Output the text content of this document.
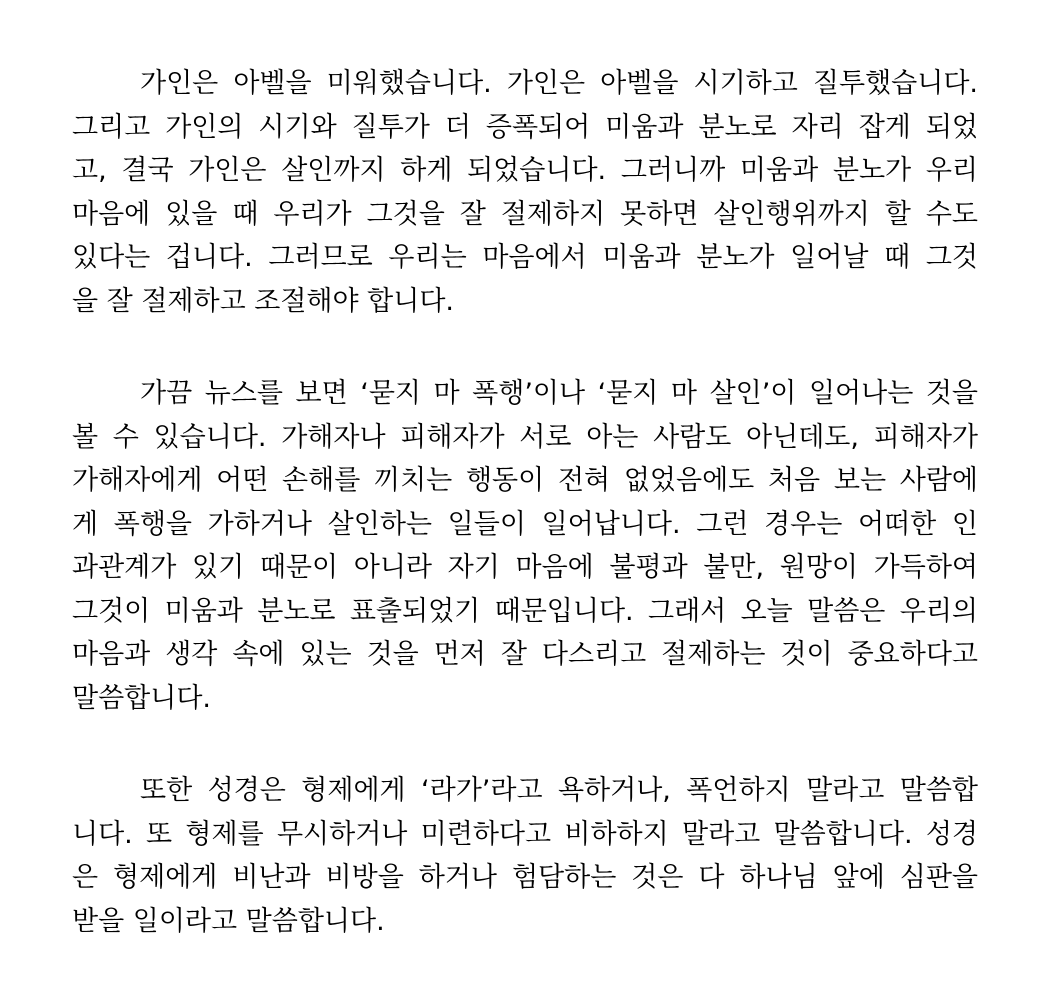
가인은 아벨을 미워했습니다. 가인은 아벨을 시기하고 질투했습니다.
그리고 가인의 시기와 질투가 더 증폭되어 미움과 분노로 자리 잡게 되었
고, 결국 가인은 살인까지 하게 되었습니다. 그러니까 미움과 분노가 우리
마음에 있을 때 우리가 그것을 잘 절제하지 못하면 살인행위까지 할 수도
있다는 겁니다. 그러므로 우리는 마음에서 미움과 분노가 일어날 때 그것
을 잘 절제하고 조절해야 합니다.

가끔 뉴스를 보면 ‘묻지 마 폭행’이나 ‘묻지 마 살인’이 일어나는 것을
볼 수 있습니다. 가해자나 피해자가 서로 아는 사람도 아닌데도, 피해자가
가해자에게 어떤 손해를 끼치는 행동이 전혀 없었음에도 처음 보는 사람에
게 폭행을 가하거나 살인하는 일들이 일어납니다. 그런 경우는 어떠한 인
과관계가 있기 때문이 아니라 자기 마음에 불평과 불만, 원망이 가득하여
그것이 미움과 분노로 표출되었기 때문입니다. 그래서 오늘 말씀은 우리의
마음과 생각 속에 있는 것을 먼저 잘 다스리고 절제하는 것이 중요하다고
말씀합니다.

또한 성경은 형제에게 ‘라가’라고 욕하거나, 폭언하지 말라고 말씀합
니다. 또 형제를 무시하거나 미련하다고 비하하지 말라고 말씀합니다. 성경
은 형제에게 비난과 비방을 하거나 험담하는 것은 다 하나님 앞에 심판을
받을 일이라고 말씀합니다.
